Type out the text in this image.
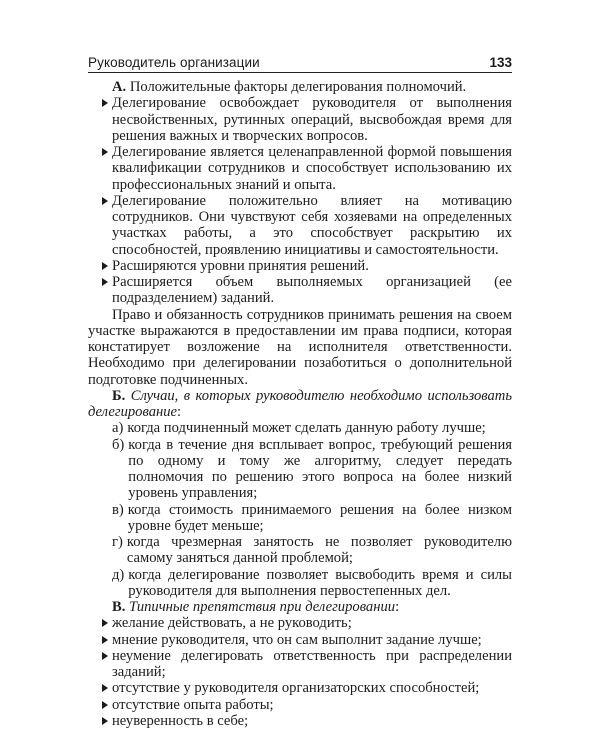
Руководитель организации	133

А. Положительные факторы делегирования полномочий.

Делегирование освобождает руководителя от выполнения несвойственных, рутинных операций, высвобождая время для решения важных и творческих вопросов.
Делегирование является целенаправленной формой повышения квалификации сотрудников и способствует использованию их профессиональных знаний и опыта.
Делегирование положительно влияет на мотивацию сотрудников. Они чувствуют себя хозяевами на определенных участках работы, а это способствует раскрытию их способностей, проявлению инициативы и самостоятельности.
Расширяются уровни принятия решений.
Расширяется объем выполняемых организацией (ее подразделением) заданий.

Право и обязанность сотрудников принимать решения на своем участке выражаются в предоставлении им права подписи, которая констатирует возложение на исполнителя ответственности. Необходимо при делегировании позаботиться о дополнительной подготовке подчиненных.

Б. Случаи, в которых руководителю необходимо использовать делегирование:

а) когда подчиненный может сделать данную работу лучше;

б) когда в течение дня всплывает вопрос, требующий решения по одному и тому же алгоритму, следует передать полномочия по решению этого вопроса на более низкий уровень управления;

в) когда стоимость принимаемого решения на более низком уровне будет меньше;

г) когда чрезмерная занятость не позволяет руководителю самому заняться данной проблемой;

д) когда делегирование позволяет высвободить время и силы руководителя для выполнения первостепенных дел.

В. Типичные препятствия при делегировании:

желание действовать, а не руководить;
мнение руководителя, что он сам выполнит задание лучше;
неумение делегировать ответственность при распределении заданий;
отсутствие у руководителя организаторских способностей;
отсутствие опыта работы;
неуверенность в себе;
